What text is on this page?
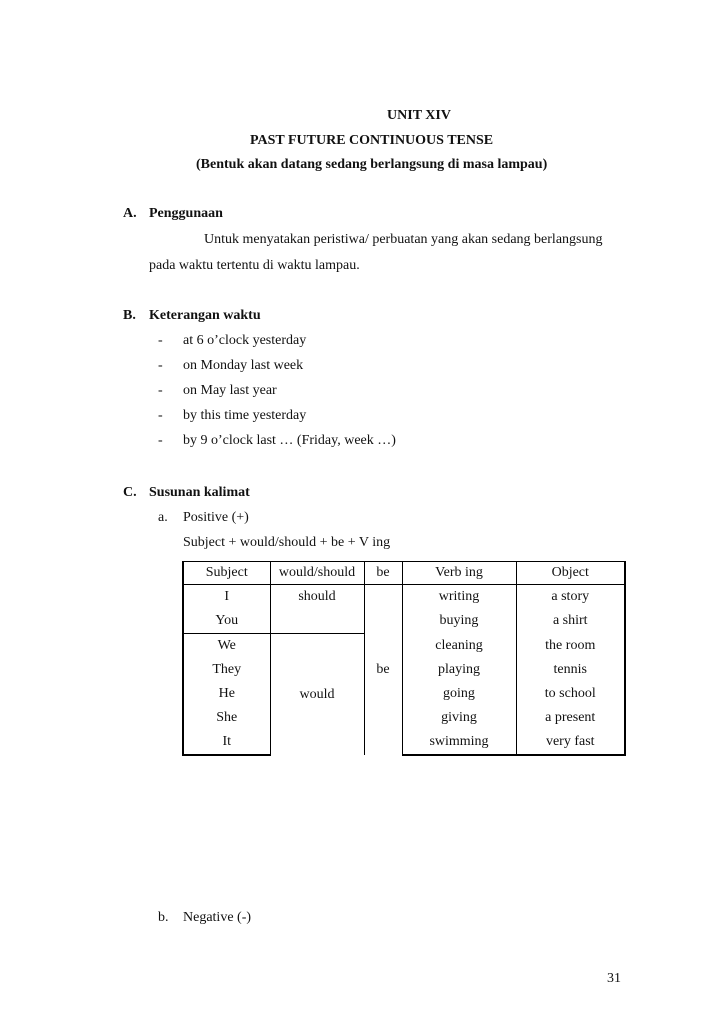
UNIT XIV
PAST FUTURE CONTINUOUS TENSE
(Bentuk akan datang sedang berlangsung di masa lampau)
A. Penggunaan
Untuk menyatakan peristiwa/ perbuatan yang akan sedang berlangsung
pada waktu tertentu di waktu lampau.
B. Keterangan waktu
- at 6 o’clock yesterday
- on Monday last week
- on May last year
- by this time yesterday
- by 9 o’clock last … (Friday, week …)
C. Susunan kalimat
a. Positive (+)
Subject + would/should + be + V ing
Subject	would/should	be	Verb ing	Object
I	should	be	writing	a story
You			buying	a shirt
We	would		cleaning	the room
They			playing	tennis
He			going	to school
She			giving	a present
It			swimming	very fast
b. Negative (-)
31
